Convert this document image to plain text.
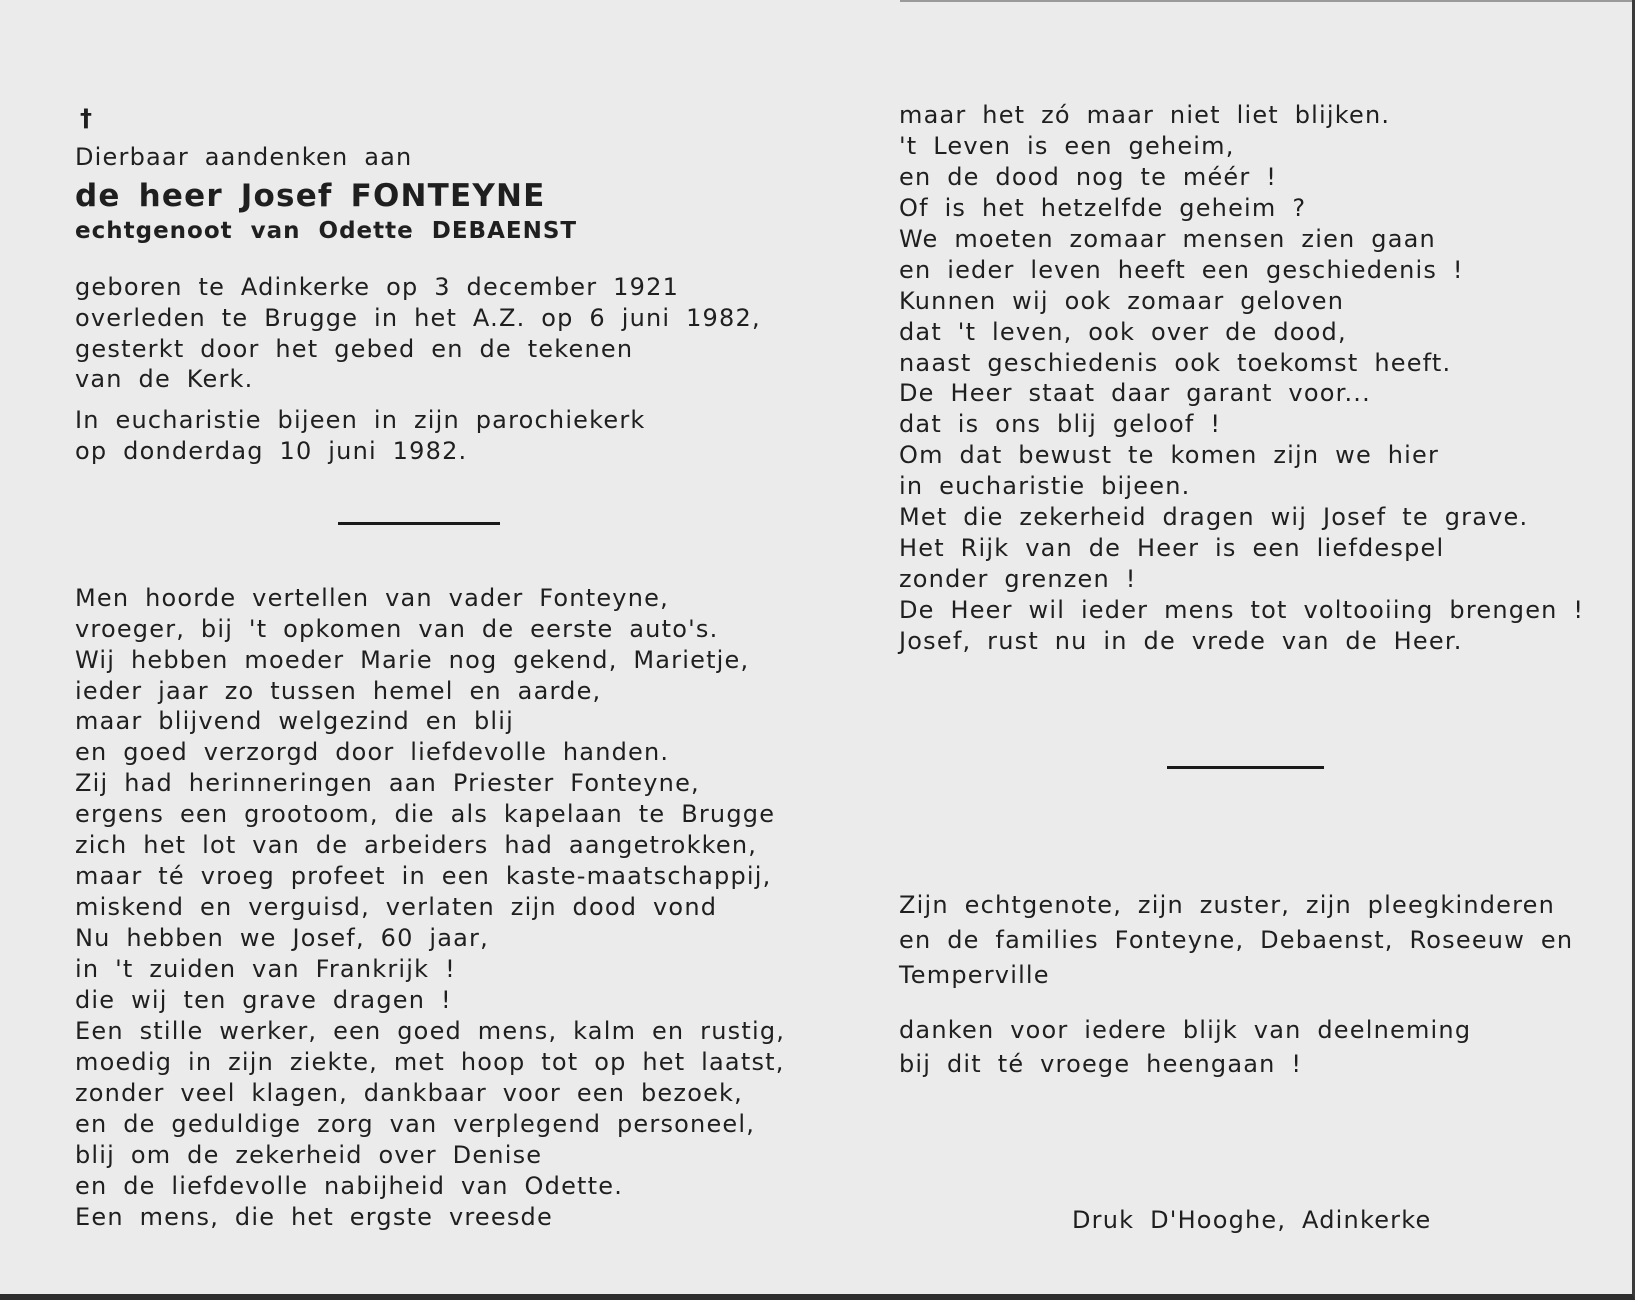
†
Dierbaar aandenken aan
de heer Josef FONTEYNE
echtgenoot van Odette DEBAENST
geboren te Adinkerke op 3 december 1921
overleden te Brugge in het A.Z. op 6 juni 1982,
gesterkt door het gebed en de tekenen
van de Kerk.
In eucharistie bijeen in zijn parochiekerk
op donderdag 10 juni 1982.
Men hoorde vertellen van vader Fonteyne,
vroeger, bij 't opkomen van de eerste auto's.
Wij hebben moeder Marie nog gekend, Marietje,
ieder jaar zo tussen hemel en aarde,
maar blijvend welgezind en blij
en goed verzorgd door liefdevolle handen.
Zij had herinneringen aan Priester Fonteyne,
ergens een grootoom, die als kapelaan te Brugge
zich het lot van de arbeiders had aangetrokken,
maar té vroeg profeet in een kaste-maatschappij,
miskend en verguisd, verlaten zijn dood vond
Nu hebben we Josef, 60 jaar,
in 't zuiden van Frankrijk !
die wij ten grave dragen !
Een stille werker, een goed mens, kalm en rustig,
moedig in zijn ziekte, met hoop tot op het laatst,
zonder veel klagen, dankbaar voor een bezoek,
en de geduldige zorg van verplegend personeel,
blij om de zekerheid over Denise
en de liefdevolle nabijheid van Odette.
Een mens, die het ergste vreesde
maar het zó maar niet liet blijken.
't Leven is een geheim,
en de dood nog te méér !
Of is het hetzelfde geheim ?
We moeten zomaar mensen zien gaan
en ieder leven heeft een geschiedenis !
Kunnen wij ook zomaar geloven
dat 't leven, ook over de dood,
naast geschiedenis ook toekomst heeft.
De Heer staat daar garant voor...
dat is ons blij geloof !
Om dat bewust te komen zijn we hier
in eucharistie bijeen.
Met die zekerheid dragen wij Josef te grave.
Het Rijk van de Heer is een liefdespel
zonder grenzen !
De Heer wil ieder mens tot voltooiing brengen !
Josef, rust nu in de vrede van de Heer.
Zijn echtgenote, zijn zuster, zijn pleegkinderen
en de families Fonteyne, Debaenst, Roseeuw en
Temperville
danken voor iedere blijk van deelneming
bij dit té vroege heengaan !
Druk D'Hooghe, Adinkerke
